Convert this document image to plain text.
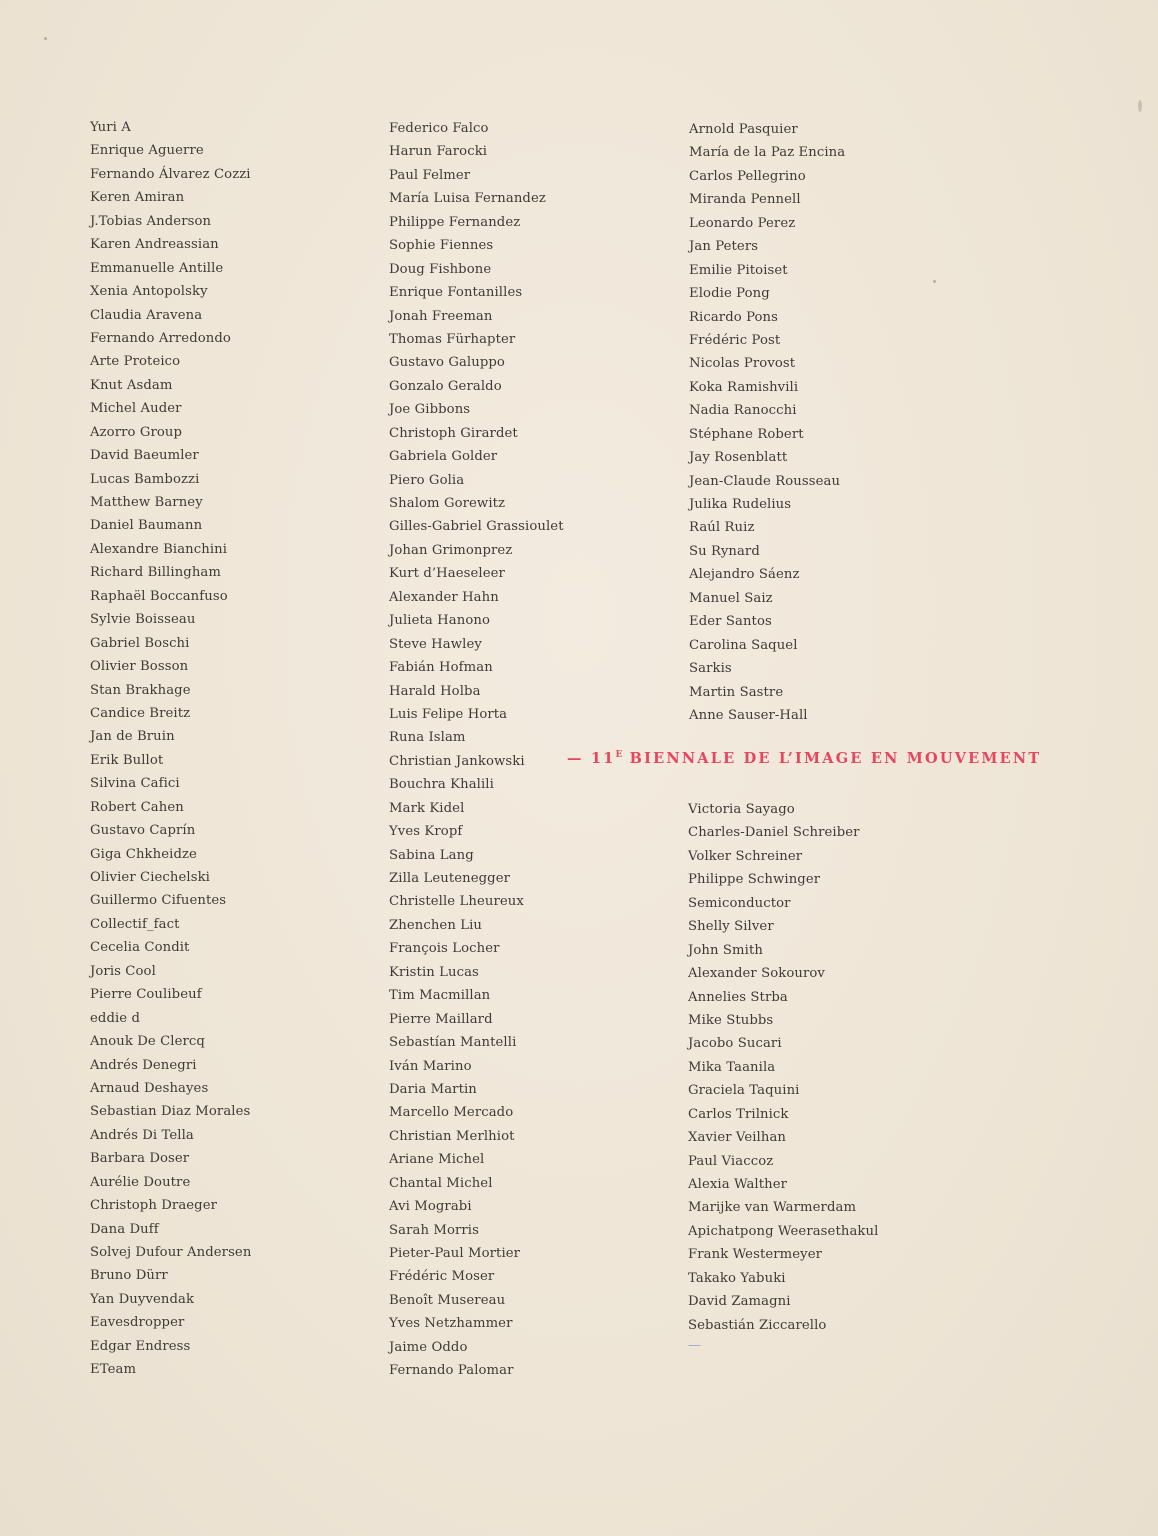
Yuri A
Enrique Aguerre
Fernando Álvarez Cozzi
Keren Amiran
J.Tobias Anderson
Karen Andreassian
Emmanuelle Antille
Xenia Antopolsky
Claudia Aravena
Fernando Arredondo
Arte Proteico
Knut Asdam
Michel Auder
Azorro Group
David Baeumler
Lucas Bambozzi
Matthew Barney
Daniel Baumann
Alexandre Bianchini
Richard Billingham
Raphaël Boccanfuso
Sylvie Boisseau
Gabriel Boschi
Olivier Bosson
Stan Brakhage
Candice Breitz
Jan de Bruin
Erik Bullot
Silvina Cafici
Robert Cahen
Gustavo Caprín
Giga Chkheidze
Olivier Ciechelski
Guillermo Cifuentes
Collectif_fact
Cecelia Condit
Joris Cool
Pierre Coulibeuf
eddie d
Anouk De Clercq
Andrés Denegri
Arnaud Deshayes
Sebastian Diaz Morales
Andrés Di Tella
Barbara Doser
Aurélie Doutre
Christoph Draeger
Dana Duff
Solvej Dufour Andersen
Bruno Dürr
Yan Duyvendak
Eavesdropper
Edgar Endress
ETeam
Federico Falco
Harun Farocki
Paul Felmer
María Luisa Fernandez
Philippe Fernandez
Sophie Fiennes
Doug Fishbone
Enrique Fontanilles
Jonah Freeman
Thomas Fürhapter
Gustavo Galuppo
Gonzalo Geraldo
Joe Gibbons
Christoph Girardet
Gabriela Golder
Piero Golia
Shalom Gorewitz
Gilles-Gabriel Grassioulet
Johan Grimonprez
Kurt d’Haeseleer
Alexander Hahn
Julieta Hanono
Steve Hawley
Fabián Hofman
Harald Holba
Luis Felipe Horta
Runa Islam
Christian Jankowski
Bouchra Khalili
Mark Kidel
Yves Kropf
Sabina Lang
Zilla Leutenegger
Christelle Lheureux
Zhenchen Liu
François Locher
Kristin Lucas
Tim Macmillan
Pierre Maillard
Sebastían Mantelli
Iván Marino
Daria Martin
Marcello Mercado
Christian Merlhiot
Ariane Michel
Chantal Michel
Avi Mograbi
Sarah Morris
Pieter-Paul Mortier
Frédéric Moser
Benoît Musereau
Yves Netzhammer
Jaime Oddo
Fernando Palomar
Arnold Pasquier
María de la Paz Encina
Carlos Pellegrino
Miranda Pennell
Leonardo Perez
Jan Peters
Emilie Pitoiset
Elodie Pong
Ricardo Pons
Frédéric Post
Nicolas Provost
Koka Ramishvili
Nadia Ranocchi
Stéphane Robert
Jay Rosenblatt
Jean-Claude Rousseau
Julika Rudelius
Raúl Ruiz
Su Rynard
Alejandro Sáenz
Manuel Saiz
Eder Santos
Carolina Saquel
Sarkis
Martin Sastre
Anne Sauser-Hall
— $11^E$ BIENNALE DE L’IMAGE EN MOUVEMENT
Victoria Sayago
Charles-Daniel Schreiber
Volker Schreiner
Philippe Schwinger
Semiconductor
Shelly Silver
John Smith
Alexander Sokourov
Annelies Strba
Mike Stubbs
Jacobo Sucari
Mika Taanila
Graciela Taquini
Carlos Trilnick
Xavier Veilhan
Paul Viaccoz
Alexia Walther
Marijke van Warmerdam
Apichatpong Weerasethakul
Frank Westermeyer
Takako Yabuki
David Zamagni
Sebastián Ziccarello
—
